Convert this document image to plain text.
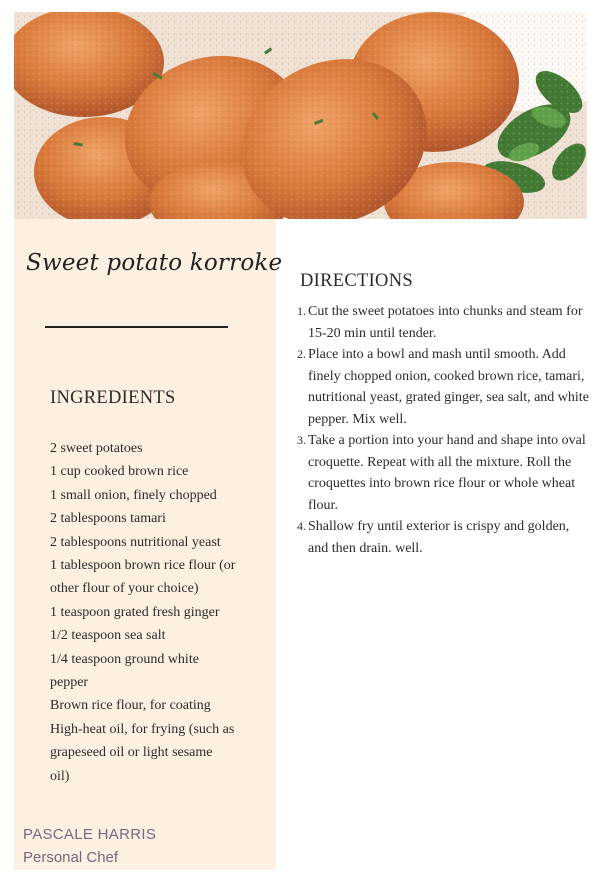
Sweet potato korroke
INGREDIENTS
2 sweet potatoes
1 cup cooked brown rice
1 small onion, finely chopped
2 tablespoons tamari
2 tablespoons nutritional yeast
1 tablespoon brown rice flour (or
other flour of your choice)
1 teaspoon grated fresh ginger
1/2 teaspoon sea salt
1/4 teaspoon ground white
pepper
Brown rice flour, for coating
High-heat oil, for frying (such as
grapeseed oil or light sesame
oil)
PASCALE HARRIS
Personal Chef
DIRECTIONS
1. Cut the sweet potatoes into chunks and steam for 15-20 min until tender.
2. Place into a bowl and mash until smooth. Add finely chopped onion, cooked brown rice, tamari, nutritional yeast, grated ginger, sea salt, and white pepper. Mix well.
3. Take a portion into your hand and shape into oval croquette. Repeat with all the mixture. Roll the croquettes into brown rice flour or whole wheat flour.
4. Shallow fry until exterior is crispy and golden, and then drain. well.
